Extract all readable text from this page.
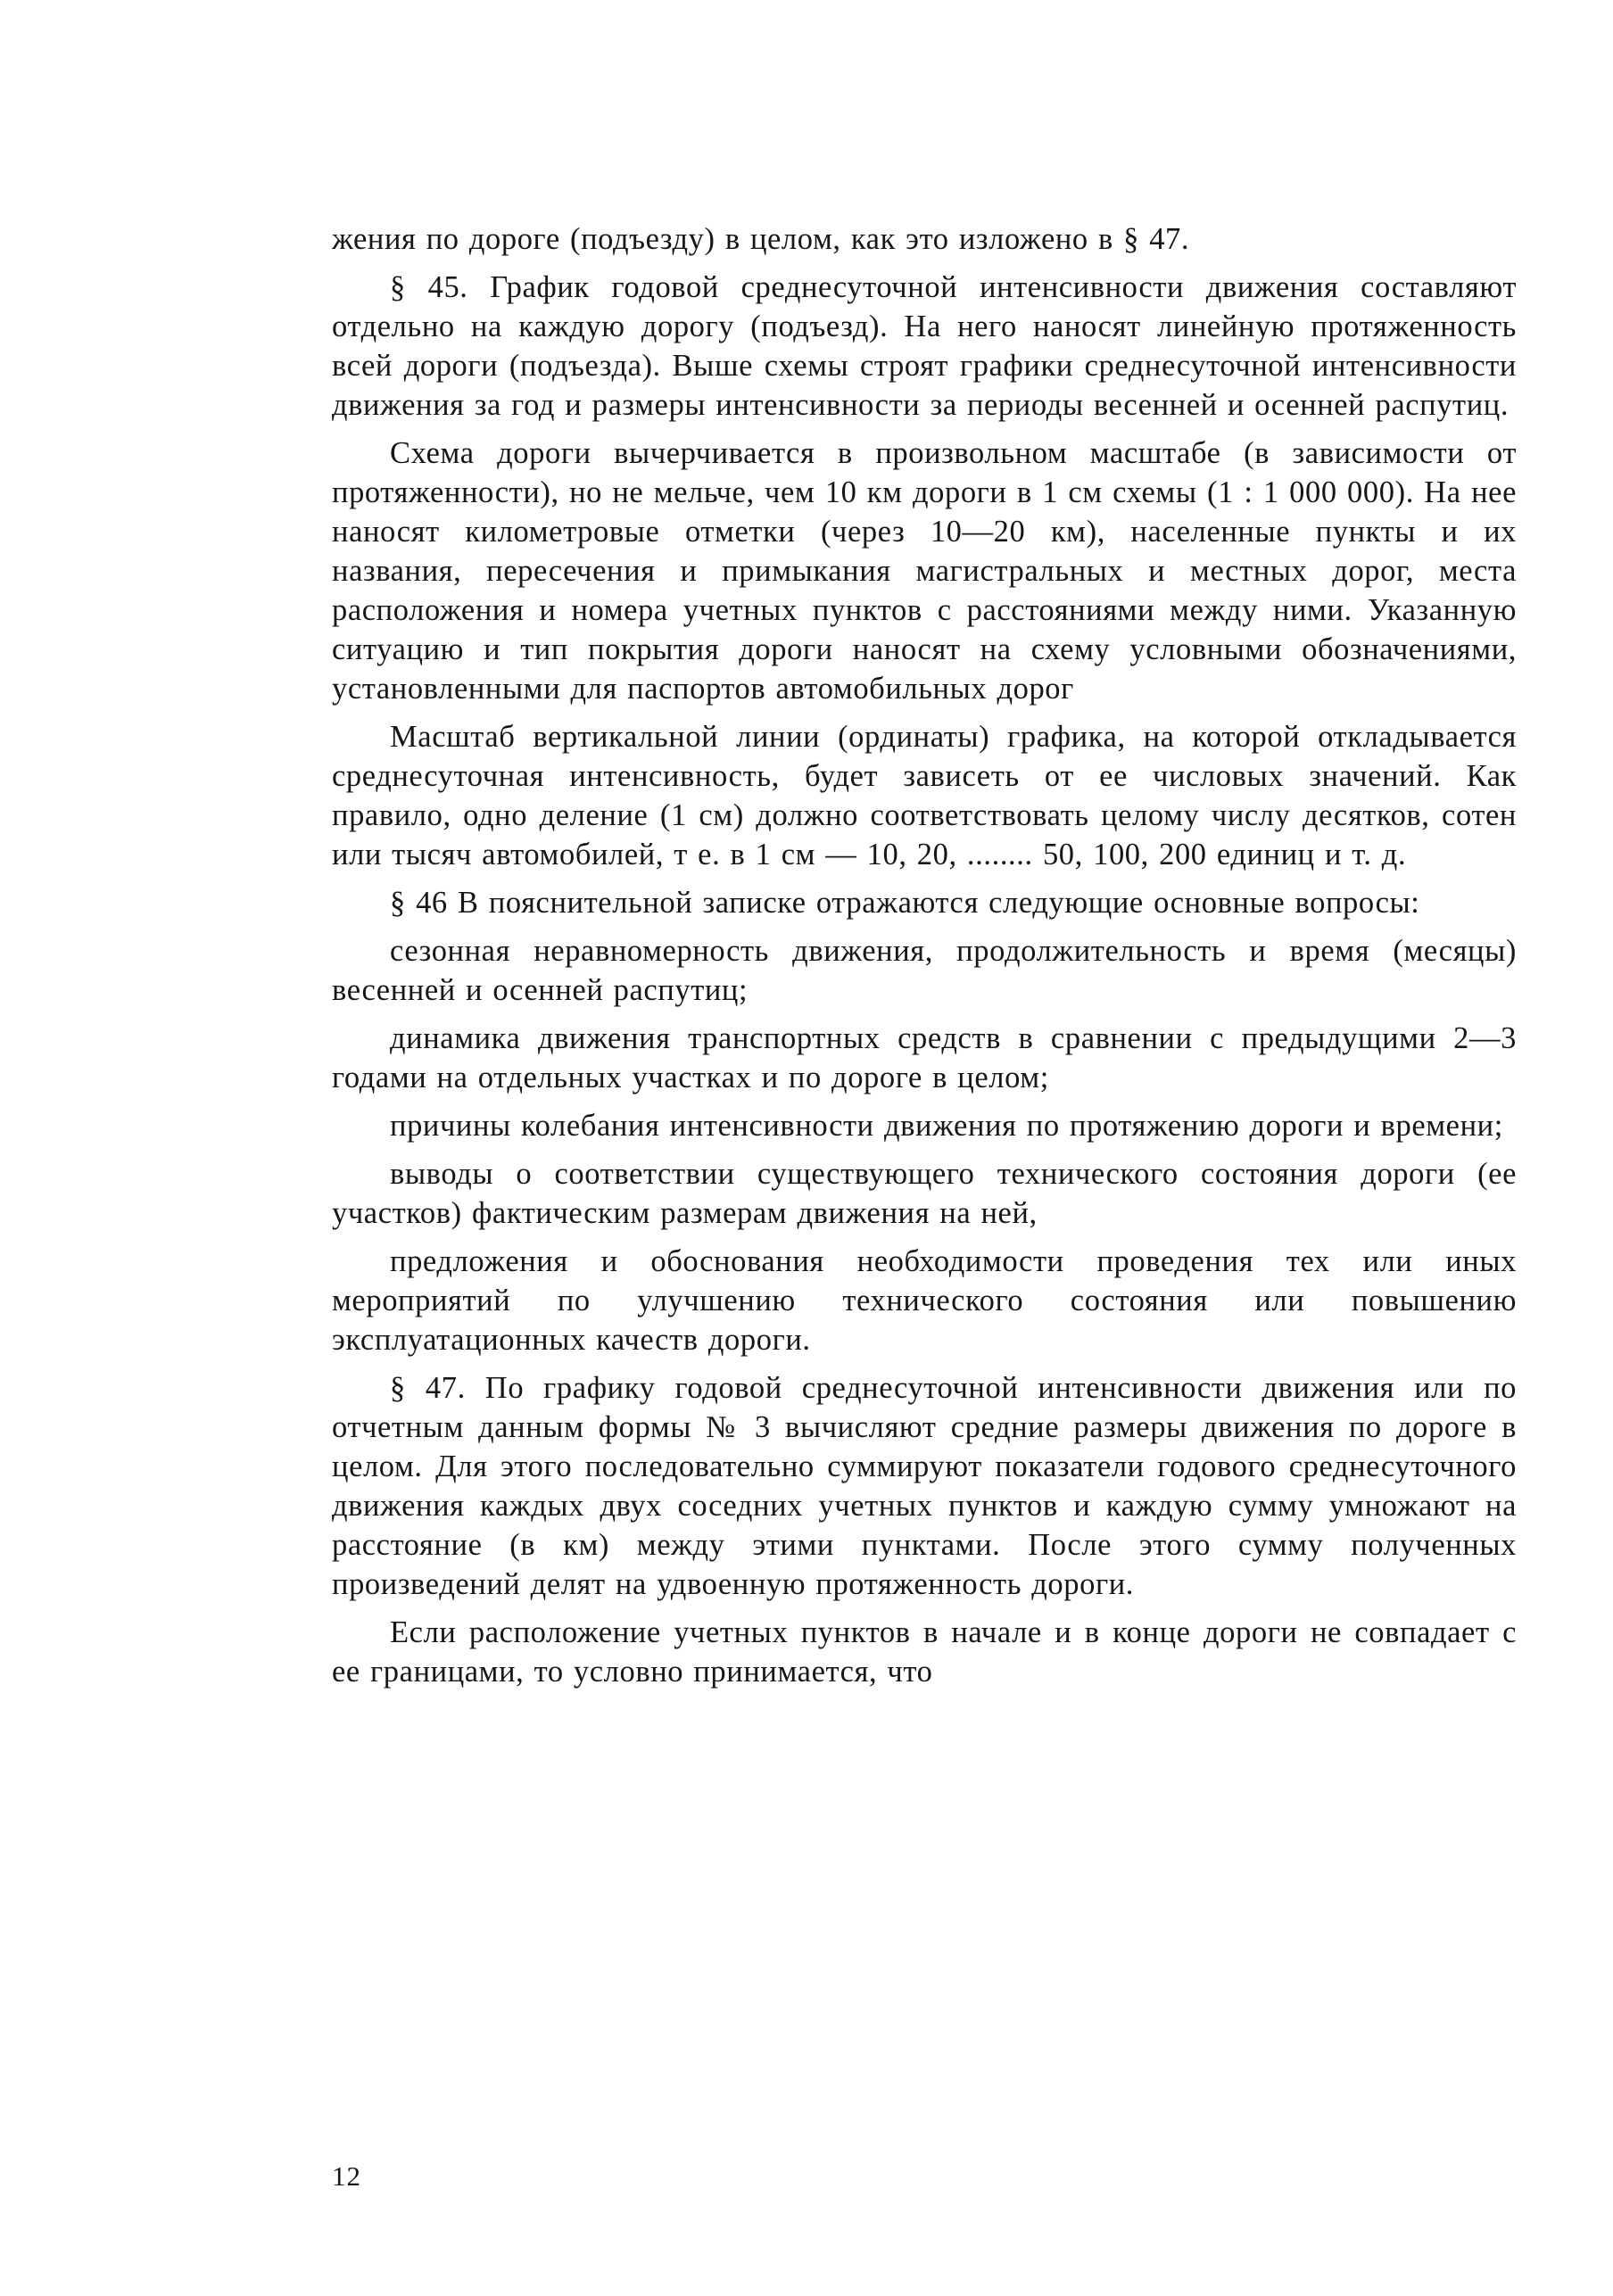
жения по дороге (подъезду) в целом, как это изложено в § 47.

§ 45. График годовой среднесуточной интенсивности движения составляют отдельно на каждую дорогу (подъезд). На него наносят линейную протяженность всей дороги (подъезда). Выше схемы строят графики среднесуточной интенсивности движения за год и размеры интенсивности за периоды весенней и осенней распутиц.

Схема дороги вычерчивается в произвольном масштабе (в зависимости от протяженности), но не мельче, чем 10 км дороги в 1 см схемы (1 : 1 000 000). На нее наносят километровые отметки (через 10—20 км), населенные пункты и их названия, пересечения и примыкания магистральных и местных дорог, места расположения и номера учетных пунктов с расстояниями между ними. Указанную ситуацию и тип покрытия дороги наносят на схему условными обозначениями, установленными для паспортов автомобильных дорог

Масштаб вертикальной линии (ординаты) графика, на которой откладывается среднесуточная интенсивность, будет зависеть от ее числовых значений. Как правило, одно деление (1 см) должно соответствовать целому числу десятков, сотен или тысяч автомобилей, т е. в 1 см — 10, 20, ........ 50, 100, 200 единиц и т. д.

§ 46 В пояснительной записке отражаются следующие основные вопросы:

сезонная неравномерность движения, продолжительность и время (месяцы) весенней и осенней распутиц;

динамика движения транспортных средств в сравнении с предыдущими 2—3 годами на отдельных участках и по дороге в целом;

причины колебания интенсивности движения по протяжению дороги и времени;

выводы о соответствии существующего технического состояния дороги (ее участков) фактическим размерам движения на ней,

предложения и обоснования необходимости проведения тех или иных мероприятий по улучшению технического состояния или повышению эксплуатационных качеств дороги.

§ 47. По графику годовой среднесуточной интенсивности движения или по отчетным данным формы № 3 вычисляют средние размеры движения по дороге в целом. Для этого последовательно суммируют показатели годового среднесуточного движения каждых двух соседних учетных пунктов и каждую сумму умножают на расстояние (в км) между этими пунктами. После этого сумму полученных произведений делят на удвоенную протяженность дороги.

Если расположение учетных пунктов в начале и в конце дороги не совпадает с ее границами, то условно принимается, что

12
